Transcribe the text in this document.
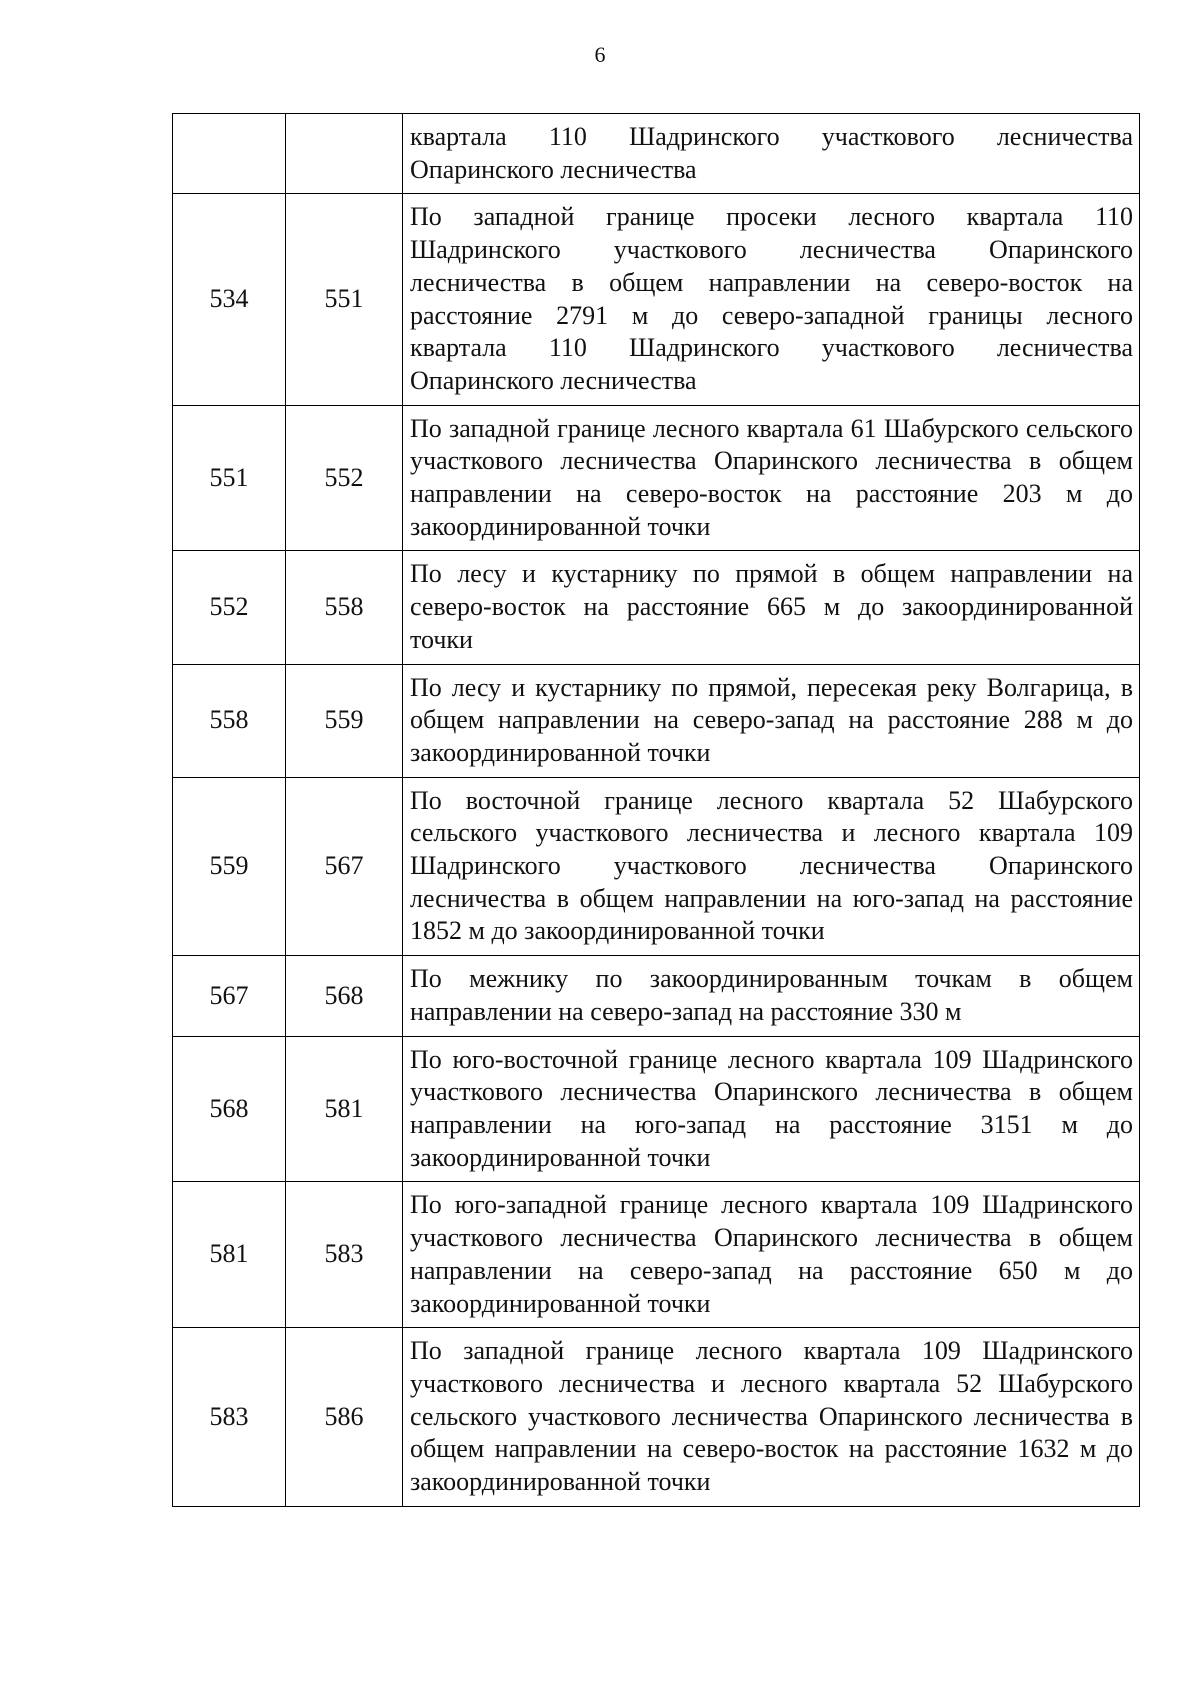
6
		квартала 110 Шадринского участкового лесничества Опаринского лесничества
534	551	По западной границе просеки лесного квартала 110 Шадринского участкового лесничества Опаринского лесничества в общем направлении на северо-восток на расстояние 2791 м до северо-западной границы лесного квартала 110 Шадринского участкового лесничества Опаринского лесничества
551	552	По западной границе лесного квартала 61 Шабурского сельского участкового лесничества Опаринского лесничества в общем направлении на северо-восток на расстояние 203 м до закоординированной точки
552	558	По лесу и кустарнику по прямой в общем направлении на северо-восток на расстояние 665 м до закоординированной точки
558	559	По лесу и кустарнику по прямой, пересекая реку Волгарица, в общем направлении на северо-запад на расстояние 288 м до закоординированной точки
559	567	По восточной границе лесного квартала 52 Шабурского сельского участкового лесничества и лесного квартала 109 Шадринского участкового лесничества Опаринского лесничества в общем направлении на юго-запад на расстояние 1852 м до закоординированной точки
567	568	По межнику по закоординированным точкам в общем направлении на северо-запад на расстояние 330 м
568	581	По юго-восточной границе лесного квартала 109 Шадринского участкового лесничества Опаринского лесничества в общем направлении на юго-запад на расстояние 3151 м до закоординированной точки
581	583	По юго-западной границе лесного квартала 109 Шадринского участкового лесничества Опаринского лесничества в общем направлении на северо-запад на расстояние 650 м до закоординированной точки
583	586	По западной границе лесного квартала 109 Шадринского участкового лесничества и лесного квартала 52 Шабурского сельского участкового лесничества Опаринского лесничества в общем направлении на северо-восток на расстояние 1632 м до закоординированной точки
